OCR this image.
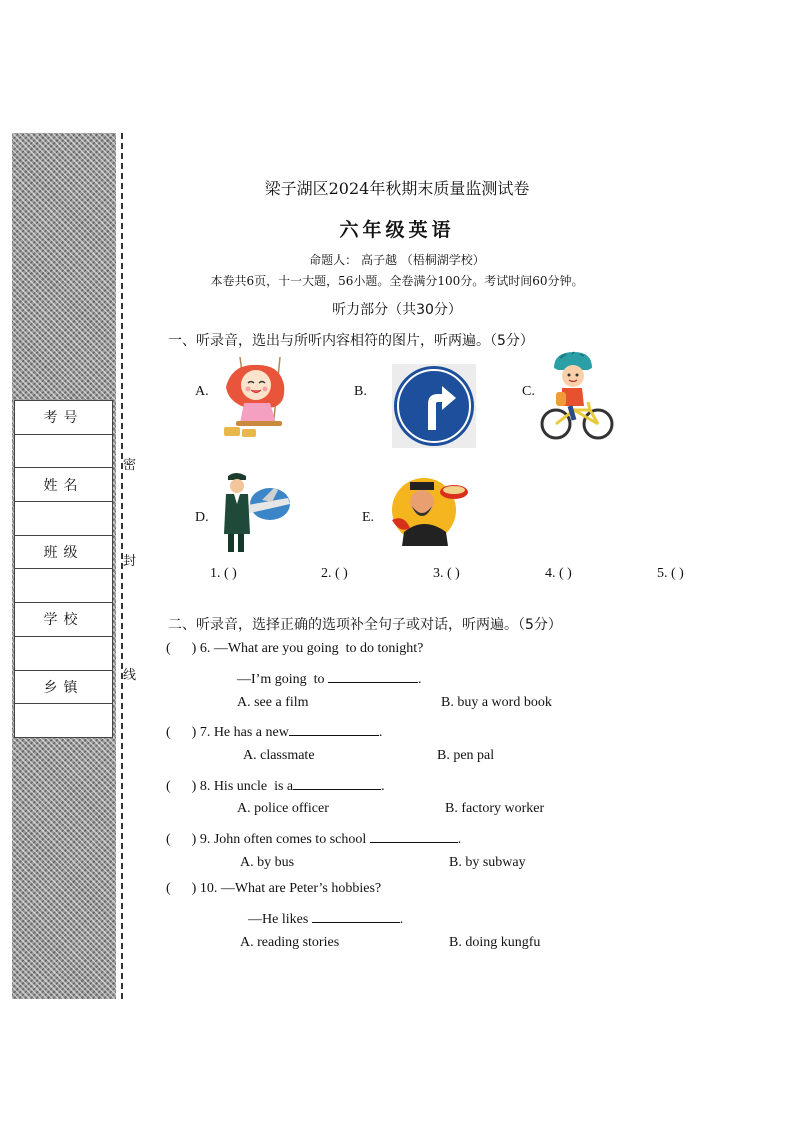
考号

姓名

班级

学校

乡镇

密
封
线
梁子湖区2024年秋期末质量监测试卷
六年级英语
命题人： 高子越 （梧桐湖学校）
本卷共6页，十一大题，56小题。全卷满分100分。考试时间60分钟。
听力部分（共30分）
一、听录音，选出与所听内容相符的图片，听两遍。（5分）
A.	B.	C.
D.	E.
1. ( )	2. ( )	3. ( )	4. ( )	5. ( )
二、听录音，选择正确的选项补全句子或对话，听两遍。（5分）
(      ) 6. —What are you going  to do tonight?
—I’m going  to	.
A. see a film	B. buy a word book
(      ) 7. He has a new	.
A. classmate	B. pen pal
(      ) 8. His uncle  is a	.
A. police officer	B. factory worker
(      ) 9. John often comes to school	.
A. by bus	B. by subway
(      ) 10. —What are Peter’s hobbies?
—He likes	.
A. reading stories	B. doing kungfu
